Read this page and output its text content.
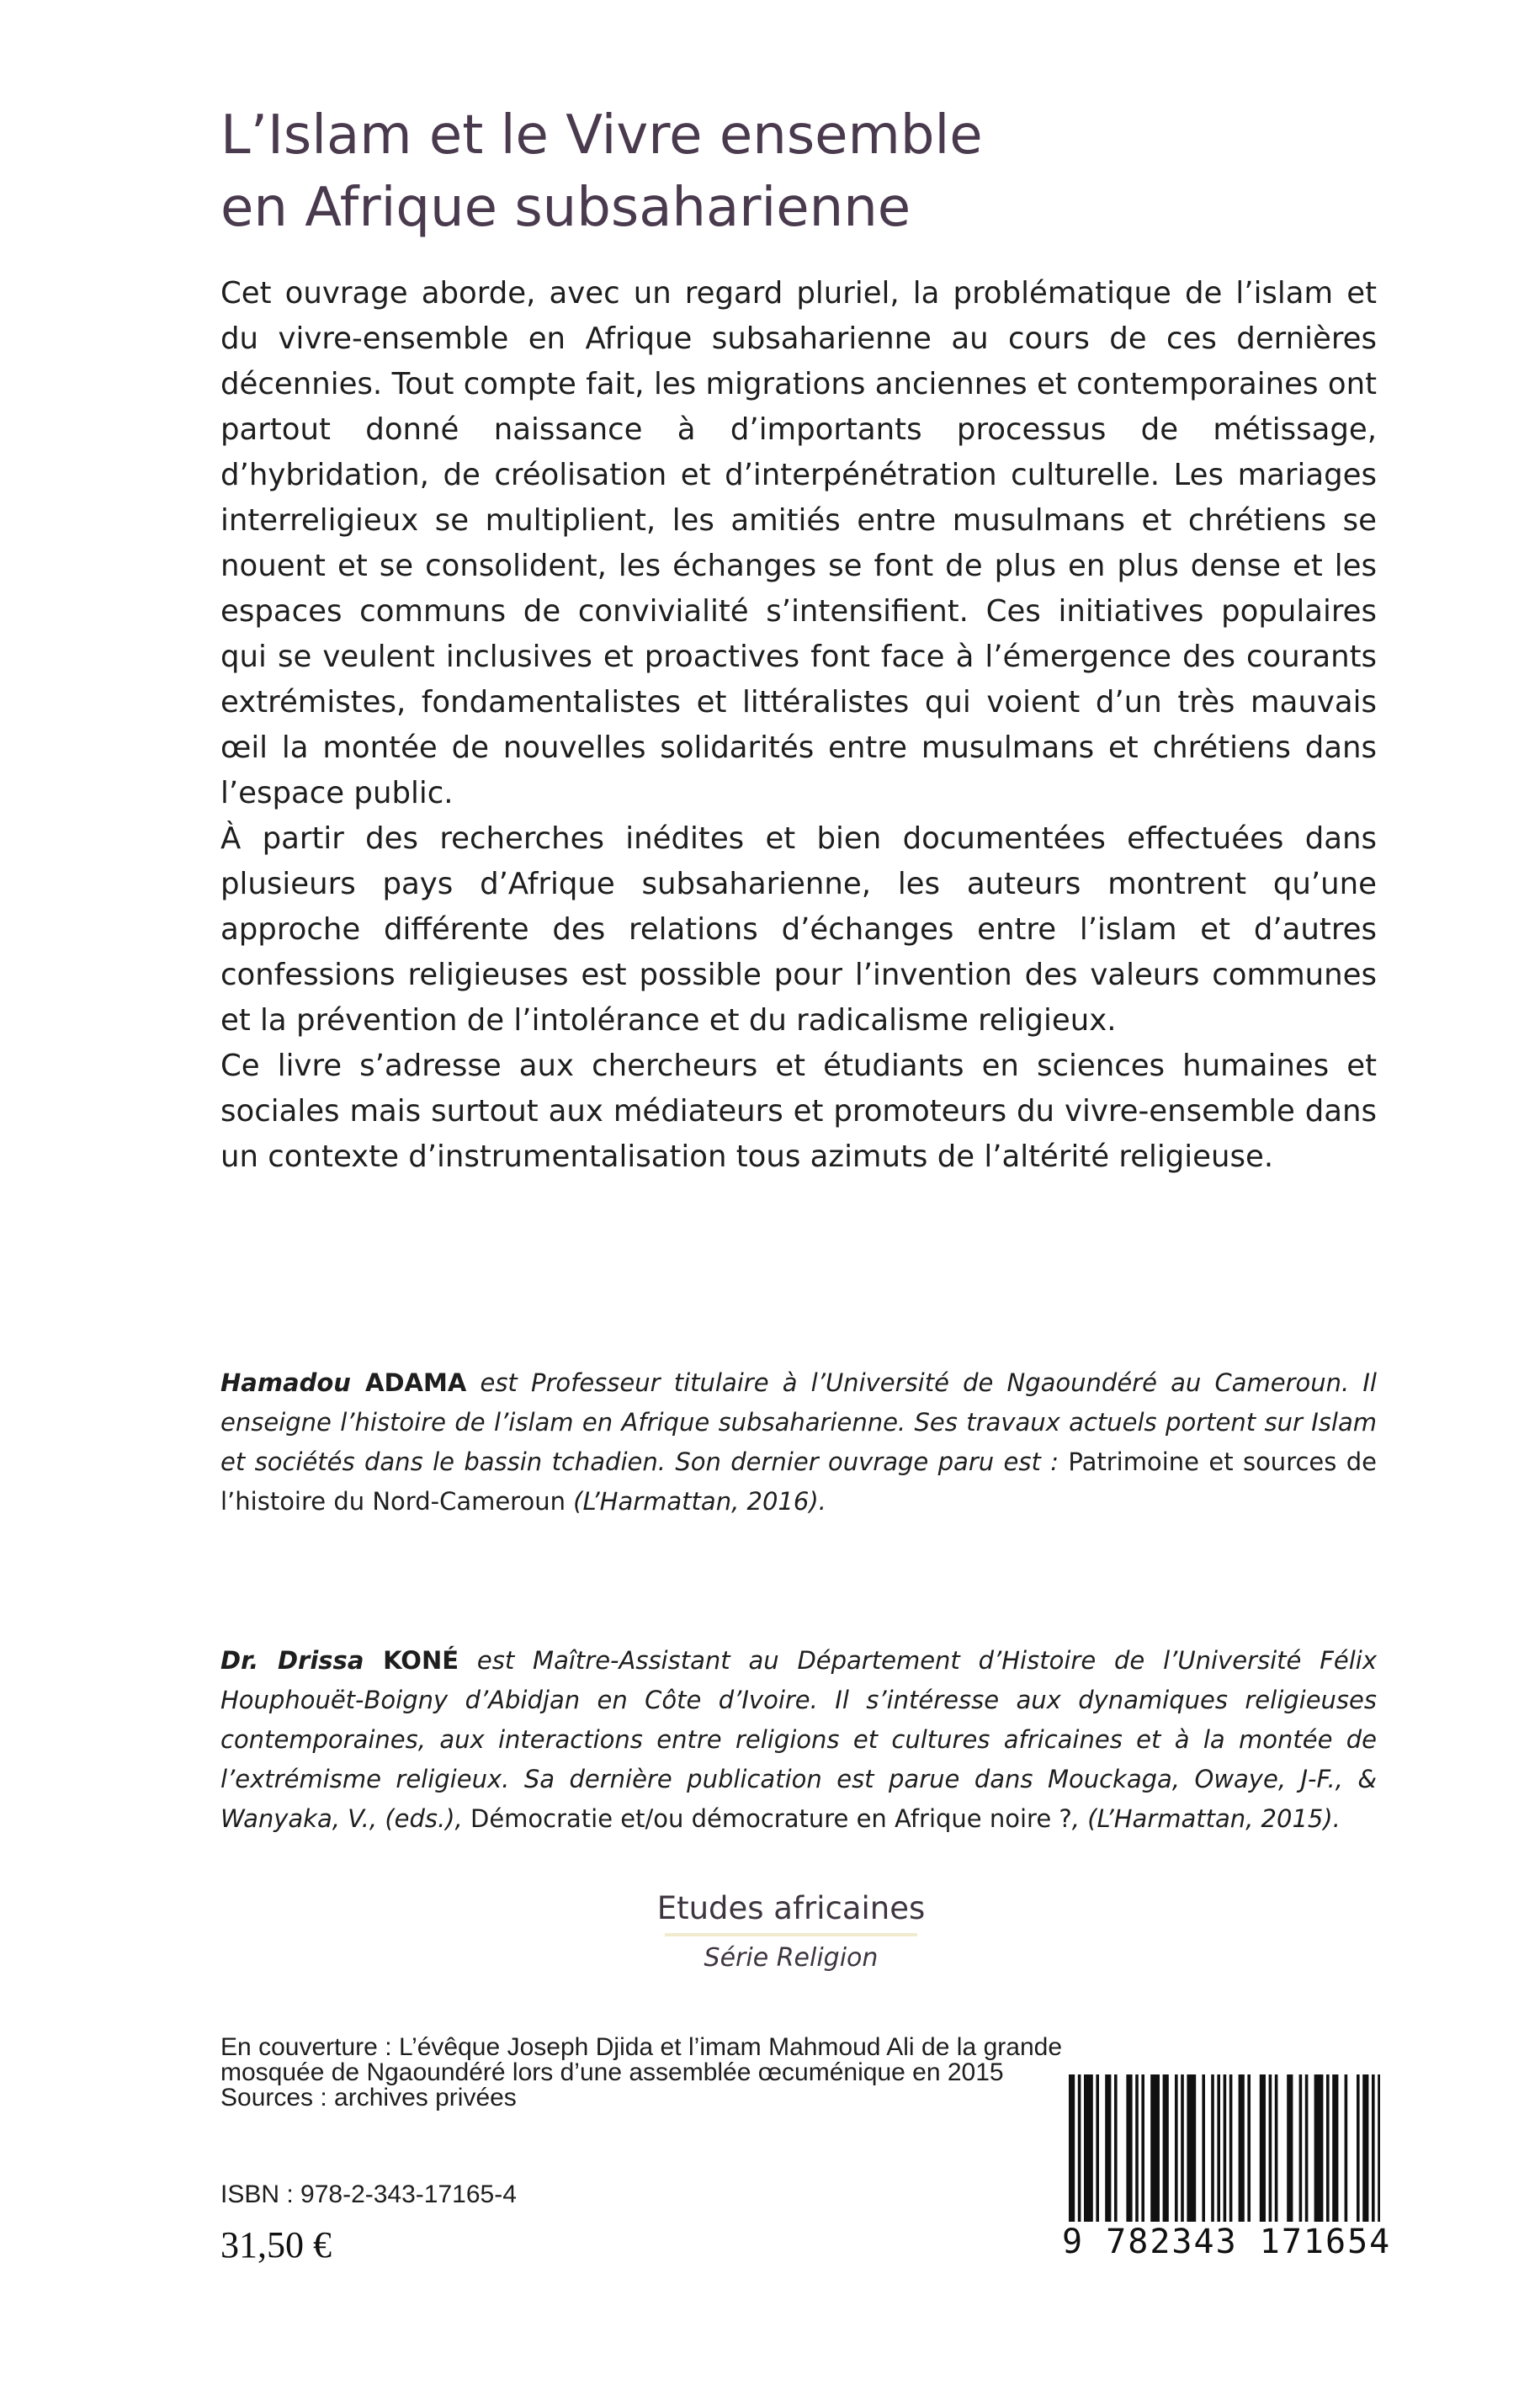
L’Islam et le Vivre ensemble
en Afrique subsaharienne

Cet ouvrage aborde, avec un regard pluriel, la problématique de l’islam et du vivre-ensemble en Afrique subsaharienne au cours de ces dernières décennies. Tout compte fait, les migrations anciennes et contemporaines ont partout donné naissance à d’importants processus de métissage, d’hybridation, de créolisation et d’interpénétration culturelle. Les mariages interreligieux se multiplient, les amitiés entre musulmans et chrétiens se nouent et se consolident, les échanges se font de plus en plus dense et les espaces communs de convivialité s’intensifient. Ces initiatives populaires qui se veulent inclusives et proactives font face à l’émergence des courants extrémistes, fondamentalistes et littéralistes qui voient d’un très mauvais œil la montée de nouvelles solidarités entre musulmans et chrétiens dans l’espace public.

À partir des recherches inédites et bien documentées effectuées dans plusieurs pays d’Afrique subsaharienne, les auteurs montrent qu’une approche différente des relations d’échanges entre l’islam et d’autres confessions religieuses est possible pour l’invention des valeurs communes et la prévention de l’intolérance et du radicalisme religieux.

Ce livre s’adresse aux chercheurs et étudiants en sciences humaines et sociales mais surtout aux médiateurs et promoteurs du vivre-ensemble dans un contexte d’instrumentalisation tous azimuts de l’altérité religieuse.

Hamadou ADAMA est Professeur titulaire à l’Université de Ngaoundéré au Cameroun. Il enseigne l’histoire de l’islam en Afrique subsaharienne. Ses travaux actuels portent sur Islam et sociétés dans le bassin tchadien. Son dernier ouvrage paru est : Patrimoine et sources de l’histoire du Nord-Cameroun (L’Harmattan, 2016).

Dr. Drissa KONÉ est Maître-Assistant au Département d’Histoire de l’Université Félix Houphouët-Boigny d’Abidjan en Côte d’Ivoire. Il s’intéresse aux dynamiques religieuses contemporaines, aux interactions entre religions et cultures africaines et à la montée de l’extrémisme religieux. Sa dernière publication est parue dans Mouckaga, Owaye, J-F., & Wanyaka, V., (eds.), Démocratie et/ou démocrature en Afrique noire ?, (L’Harmattan, 2015).

Etudes africaines
Série Religion

En couverture : L’évêque Joseph Djida et l’imam Mahmoud Ali de la grande mosquée de Ngaoundéré lors d’une assemblée œcuménique en 2015

Sources : archives privées

ISBN : 978-2-343-17165-4
31,50 €	9 782343 171654
